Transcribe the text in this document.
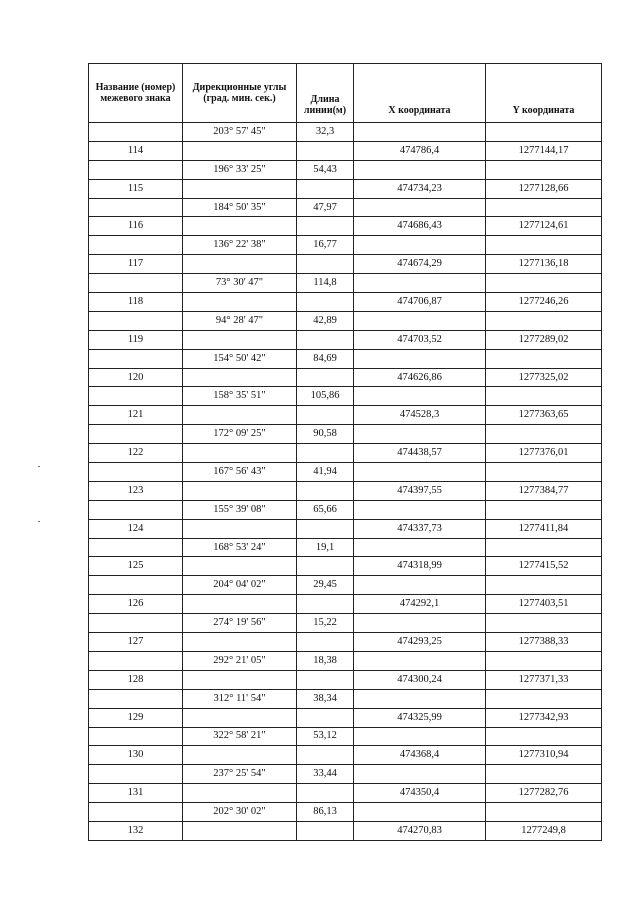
Название (номер) межевого знака	Дирекционные углы (град. мин. сек.)	Длина линии(м)	X координата	Y координата
	203° 57' 45"	32,3		
114			474786,4	1277144,17
	196° 33' 25"	54,43		
115			474734,23	1277128,66
	184° 50' 35"	47,97		
116			474686,43	1277124,61
	136° 22' 38"	16,77		
117			474674,29	1277136,18
	73° 30' 47"	114,8		
118			474706,87	1277246,26
	94° 28' 47"	42,89		
119			474703,52	1277289,02
	154° 50' 42"	84,69		
120			474626,86	1277325,02
	158° 35' 51"	105,86		
121			474528,3	1277363,65
	172° 09' 25"	90,58		
122			474438,57	1277376,01
	167° 56' 43"	41,94		
123			474397,55	1277384,77
	155° 39' 08"	65,66		
124			474337,73	1277411,84
	168° 53' 24"	19,1		
125			474318,99	1277415,52
	204° 04' 02"	29,45		
126			474292,1	1277403,51
	274° 19' 56"	15,22		
127			474293,25	1277388,33
	292° 21' 05"	18,38		
128			474300,24	1277371,33
	312° 11' 54"	38,34		
129			474325,99	1277342,93
	322° 58' 21"	53,12		
130			474368,4	1277310,94
	237° 25' 54"	33,44		
131			474350,4	1277282,76
	202° 30' 02"	86,13		
132			474270,83	1277249,8
